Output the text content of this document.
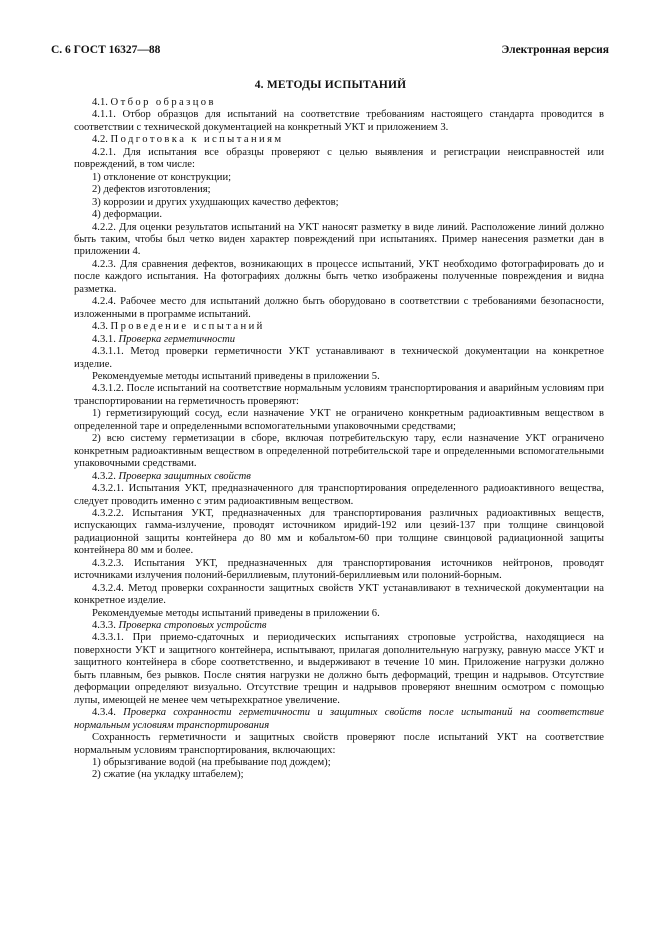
С. 6 ГОСТ 16327—88	Электронная версия
4. МЕТОДЫ ИСПЫТАНИЙ

4.1. Отбор образцов

4.1.1. Отбор образцов для испытаний на соответствие требованиям настоящего стандарта проводится в соответствии с технической документацией на конкретный УКТ и приложением 3.

4.2. Подготовка к испытаниям

4.2.1. Для испытания все образцы проверяют с целью выявления и регистрации неисправностей или повреждений, в том числе:

1) отклонение от конструкции;

2) дефектов изготовления;

3) коррозии и других ухудшающих качество дефектов;

4) деформации.

4.2.2. Для оценки результатов испытаний на УКТ наносят разметку в виде линий. Расположение линий должно быть таким, чтобы был четко виден характер повреждений при испытаниях. Пример нанесения разметки дан в приложении 4.

4.2.3. Для сравнения дефектов, возникающих в процессе испытаний, УКТ необходимо фотографировать до и после каждого испытания. На фотографиях должны быть четко изображены полученные повреждения и видна разметка.

4.2.4. Рабочее место для испытаний должно быть оборудовано в соответствии с требованиями безопасности, изложенными в программе испытаний.

4.3. Проведение испытаний

4.3.1. Проверка герметичности

4.3.1.1. Метод проверки герметичности УКТ устанавливают в технической документации на конкретное изделие.

Рекомендуемые методы испытаний приведены в приложении 5.

4.3.1.2. После испытаний на соответствие нормальным условиям транспортирования и аварийным условиям при транспортировании на герметичность проверяют:

1) герметизирующий сосуд, если назначение УКТ не ограничено конкретным радиоактивным веществом в определенной таре и определенными вспомогательными упаковочными средствами;

2) всю систему герметизации в сборе, включая потребительскую тару, если назначение УКТ ограничено конкретным радиоактивным веществом в определенной потребительской таре и определенными вспомогательными упаковочными средствами.

4.3.2. Проверка защитных свойств

4.3.2.1. Испытания УКТ, предназначенного для транспортирования определенного радиоактивного вещества, следует проводить именно с этим радиоактивным веществом.

4.3.2.2. Испытания УКТ, предназначенных для транспортирования различных радиоактивных веществ, испускающих гамма-излучение, проводят источником иридий-192 или цезий-137 при толщине свинцовой радиационной защиты контейнера до 80 мм и кобальтом-60 при толщине свинцовой радиационной защиты контейнера 80 мм и более.

4.3.2.3. Испытания УКТ, предназначенных для транспортирования источников нейтронов, проводят источниками излучения полоний-бериллиевым, плутоний-бериллиевым или полоний-борным.

4.3.2.4. Метод проверки сохранности защитных свойств УКТ устанавливают в технической документации на конкретное изделие.

Рекомендуемые методы испытаний приведены в приложении 6.

4.3.3. Проверка строповых устройств

4.3.3.1. При приемо-сдаточных и периодических испытаниях строповые устройства, находящиеся на поверхности УКТ и защитного контейнера, испытывают, прилагая дополнительную нагрузку, равную массе УКТ и защитного контейнера в сборе соответственно, и выдерживают в течение 10 мин. Приложение нагрузки должно быть плавным, без рывков. После снятия нагрузки не должно быть деформаций, трещин и надрывов. Отсутствие деформации определяют визуально. Отсутствие трещин и надрывов проверяют внешним осмотром с помощью лупы, имеющей не менее чем четырехкратное увеличение.

4.3.4. Проверка сохранности герметичности и защитных свойств после испытаний на соответствие нормальным условиям транспортирования

Сохранность герметичности и защитных свойств проверяют после испытаний УКТ на соответствие нормальным условиям транспортирования, включающих:

1) обрызгивание водой (на пребывание под дождем);

2) сжатие (на укладку штабелем);
